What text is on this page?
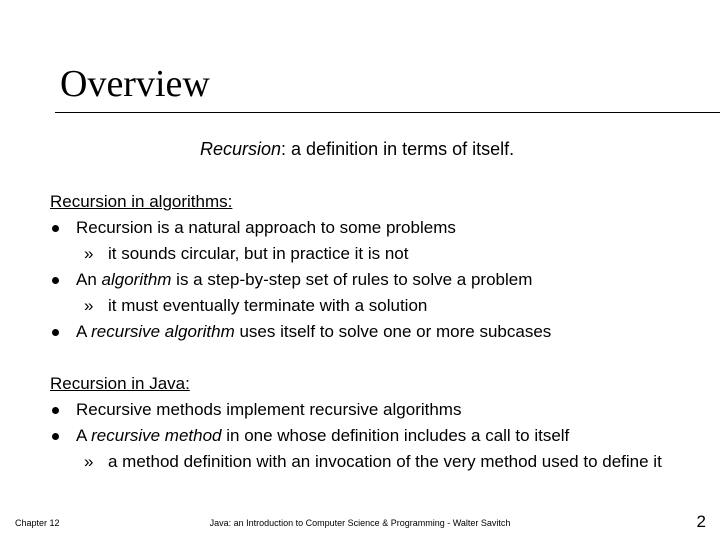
Overview
Recursion: a definition in terms of itself.
Recursion in algorithms:
Recursion is a natural approach to some problems
» it sounds circular, but in practice it is not
An algorithm is a step-by-step set of rules to solve a problem
» it must eventually terminate with a solution
A recursive algorithm uses itself to solve one or more subcases
Recursion in Java:
Recursive methods implement recursive algorithms
A recursive method in one whose definition includes a call to itself
» a method definition with an invocation of the very method used to define it
Chapter 12	Java: an Introduction to Computer Science & Programming - Walter Savitch	2
